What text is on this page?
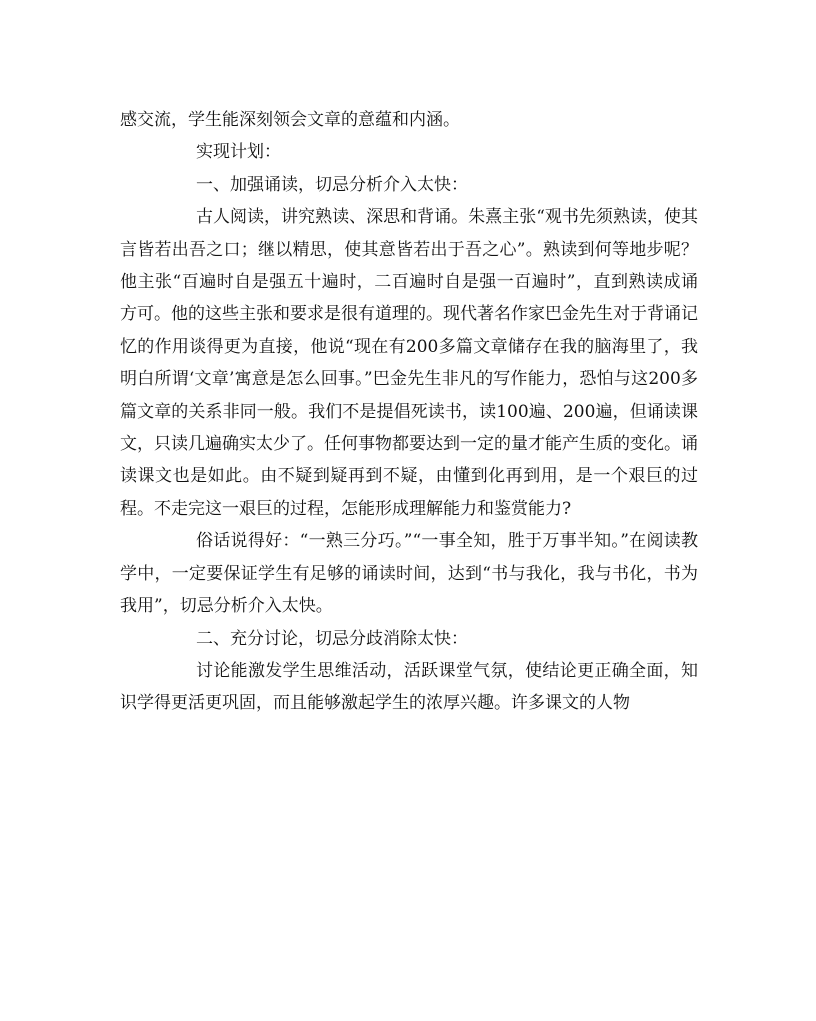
感交流，学生能深刻领会文章的意蕴和内涵。

实现计划：

一、加强诵读，切忌分析介入太快：

古人阅读，讲究熟读、深思和背诵。朱熹主张“观书先须熟读，使其言皆若出吾之口；继以精思，使其意皆若出于吾之心”。熟读到何等地步呢？他主张“百遍时自是强五十遍时，二百遍时自是强一百遍时”，直到熟读成诵方可。他的这些主张和要求是很有道理的。现代著名作家巴金先生对于背诵记忆的作用谈得更为直接，他说“现在有200多篇文章储存在我的脑海里了，我明白所谓‘文章’寓意是怎么回事。”巴金先生非凡的写作能力，恐怕与这200多篇文章的关系非同一般。我们不是提倡死读书，读100遍、200遍，但诵读课文，只读几遍确实太少了。任何事物都要达到一定的量才能产生质的变化。诵读课文也是如此。由不疑到疑再到不疑，由懂到化再到用，是一个艰巨的过程。不走完这一艰巨的过程，怎能形成理解能力和鉴赏能力?

俗话说得好：“一熟三分巧。”“一事全知，胜于万事半知。”在阅读教学中，一定要保证学生有足够的诵读时间，达到“书与我化，我与书化，书为我用”，切忌分析介入太快。

二、充分讨论，切忌分歧消除太快：

讨论能激发学生思维活动，活跃课堂气氛，使结论更正确全面，知识学得更活更巩固，而且能够激起学生的浓厚兴趣。许多课文的人物
